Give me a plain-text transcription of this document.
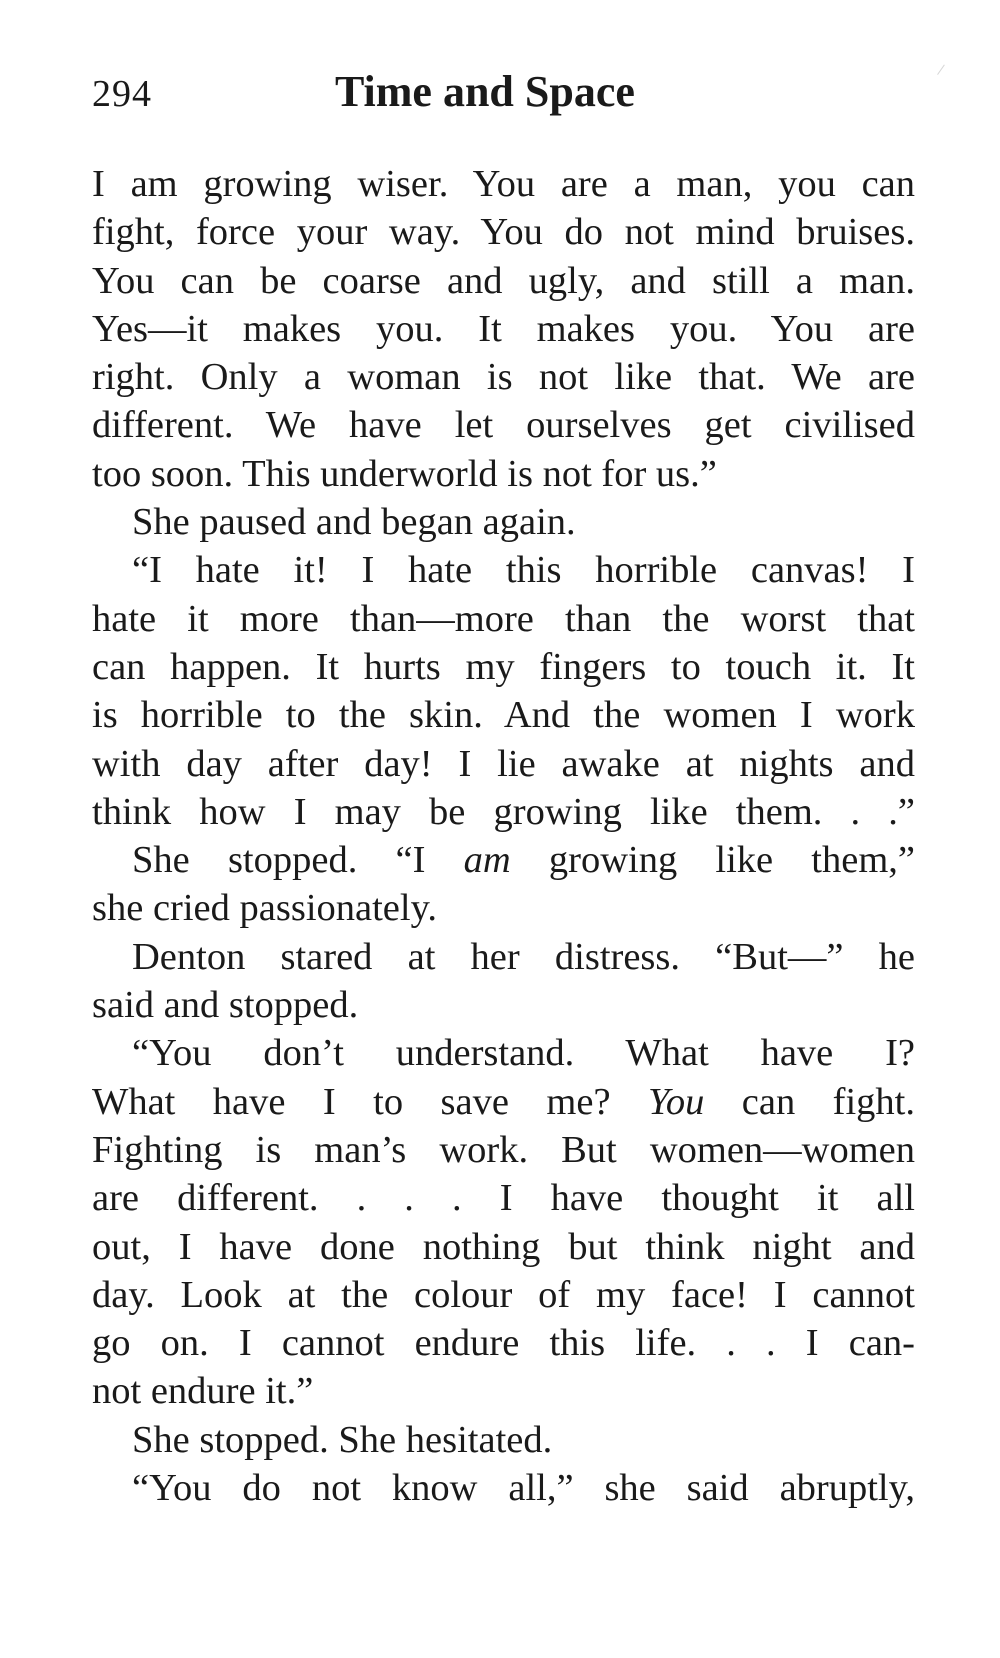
294	Time and Space
I am growing wiser. You are a man, you can
fight, force your way. You do not mind bruises.
You can be coarse and ugly, and still a man.
Yes—it makes you. It makes you. You are
right. Only a woman is not like that. We are
different. We have let ourselves get civilised
too soon. This underworld is not for us.”
She paused and began again.
“I hate it! I hate this horrible canvas! I
hate it more than—more than the worst that
can happen. It hurts my fingers to touch it. It
is horrible to the skin. And the women I work
with day after day! I lie awake at nights and
think how I may be growing like them. . .”
She stopped. “I am growing like them,”
she cried passionately.
Denton stared at her distress. “But—” he
said and stopped.
“You don’t understand. What have I?
What have I to save me? You can fight.
Fighting is man’s work. But women—women
are different. . . . I have thought it all
out, I have done nothing but think night and
day. Look at the colour of my face! I cannot
go on. I cannot endure this life. . . I can-
not endure it.”
She stopped. She hesitated.
“You do not know all,” she said abruptly,
